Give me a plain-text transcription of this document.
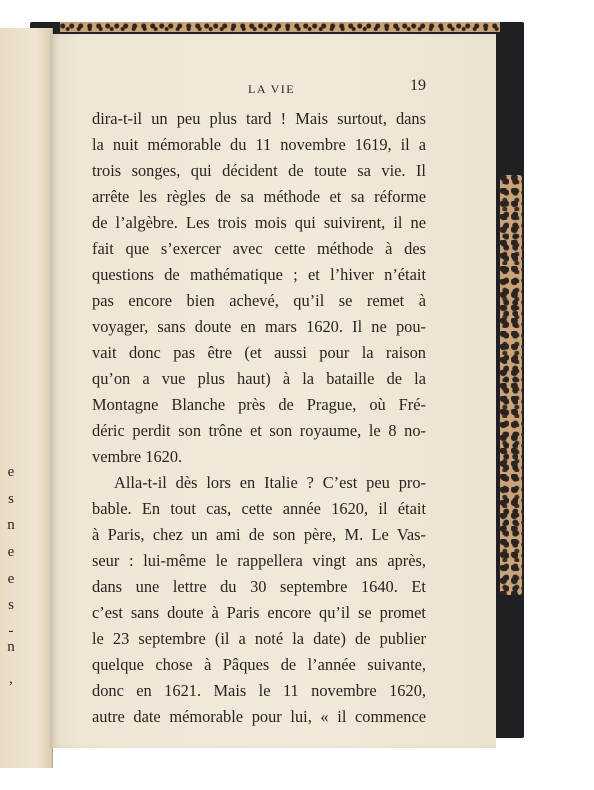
e
s
n
e
e
s
-
n
,
LA VIE	19
dira-t-il un peu plus tard ! Mais surtout, dans
la nuit mémorable du 11 novembre 1619, il a
trois songes, qui décident de toute sa vie. Il
arrête les règles de sa méthode et sa réforme
de l’algèbre. Les trois mois qui suivirent, il ne
fait que s’exercer avec cette méthode à des
questions de mathématique ; et l’hiver n’était
pas encore bien achevé, qu’il se remet à
voyager, sans doute en mars 1620. Il ne pou-
vait donc pas être (et aussi pour la raison
qu’on a vue plus haut) à la bataille de la
Montagne Blanche près de Prague, où Fré-
déric perdit son trône et son royaume, le 8 no-
vembre 1620.
Alla-t-il dès lors en Italie ? C’est peu pro-
bable. En tout cas, cette année 1620, il était
à Paris, chez un ami de son père, M. Le Vas-
seur : lui-même le rappellera vingt ans après,
dans une lettre du 30 septembre 1640. Et
c’est sans doute à Paris encore qu’il se promet
le 23 septembre (il a noté la date) de publier
quelque chose à Pâques de l’année suivante,
donc en 1621. Mais le 11 novembre 1620,
autre date mémorable pour lui, « il commence
